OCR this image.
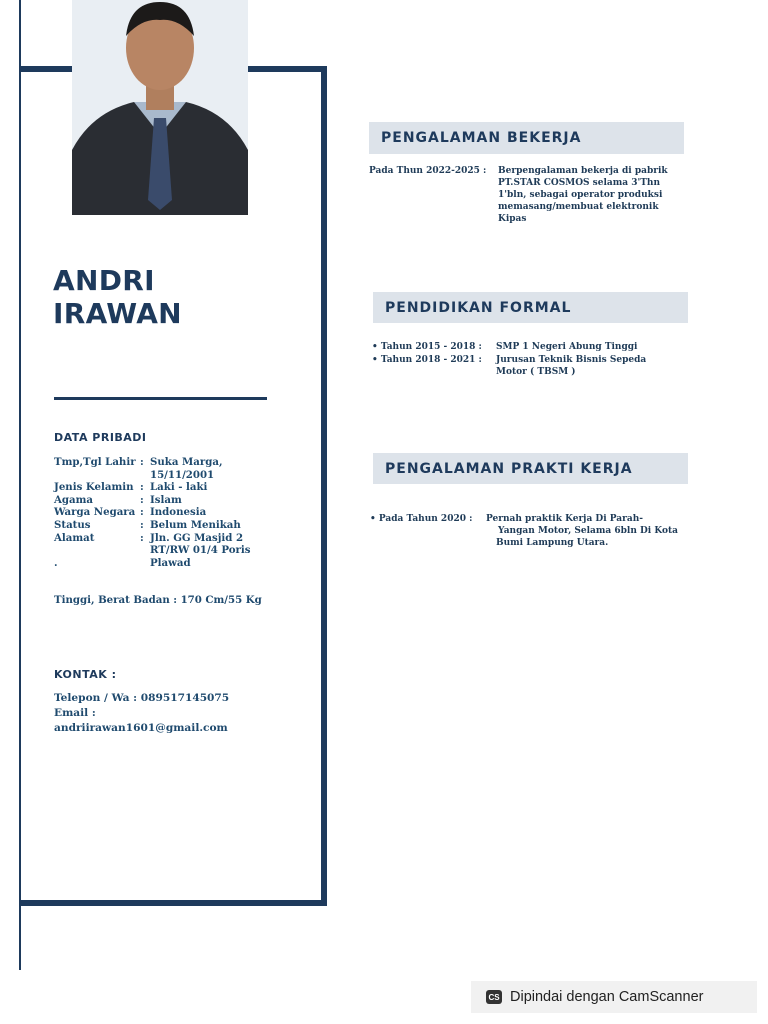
ANDRI
IRAWAN
DATA PRIBADI
Tmp,Tgl Lahir	:	Suka Marga,
		15/11/2001
Jenis Kelamin	:	Laki - laki
Agama	:	Islam
Warga Negara	:	Indonesia
Status	:	Belum Menikah
Alamat	:	Jln. GG Masjid 2
		RT/RW 01/4 Poris
.		Plawad
Tinggi, Berat Badan : 170 Cm/55 Kg
KONTAK :
Telepon / Wa : 089517145075
Email :
andriirawan1601@gmail.com
PENGALAMAN BEKERJA
Pada Thun 2022-2025 : Berpengalaman bekerja di pabrik
PT.STAR COSMOS selama 3'Thn
1'bln, sebagai operator produksi
memasang/membuat elektronik
Kipas
PENDIDIKAN FORMAL
• Tahun 2015 - 2018 : SMP 1 Negeri Abung Tinggi
• Tahun 2018 - 2021 : Jurusan Teknik Bisnis Sepeda
Motor ( TBSM )
PENGALAMAN PRAKTI KERJA
• Pada Tahun 2020 : Pernah praktik Kerja Di Parah-
Yangan Motor, Selama 6bln Di Kota
Bumi Lampung Utara.
CS Dipindai dengan CamScanner
